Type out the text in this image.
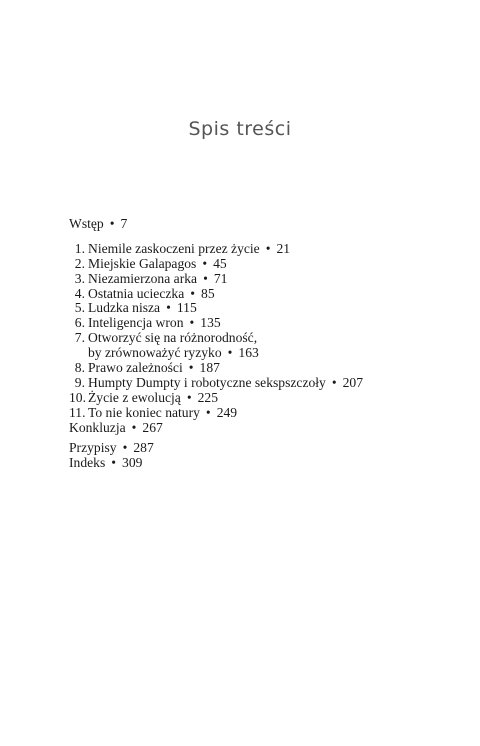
Spis treści
Wstęp • 7
1. Niemile zaskoczeni przez życie • 21
2. Miejskie Galapagos • 45
3. Niezamierzona arka • 71
4. Ostatnia ucieczka • 85
5. Ludzka nisza • 115
6. Inteligencja wron • 135
7. Otworzyć się na różnorodność,
by zrównoważyć ryzyko • 163
8. Prawo zależności • 187
9. Humpty Dumpty i robotyczne sekspszczoły • 207
10. Życie z ewolucją • 225
11. To nie koniec natury • 249
Konkluzja • 267
Przypisy • 287
Indeks • 309
